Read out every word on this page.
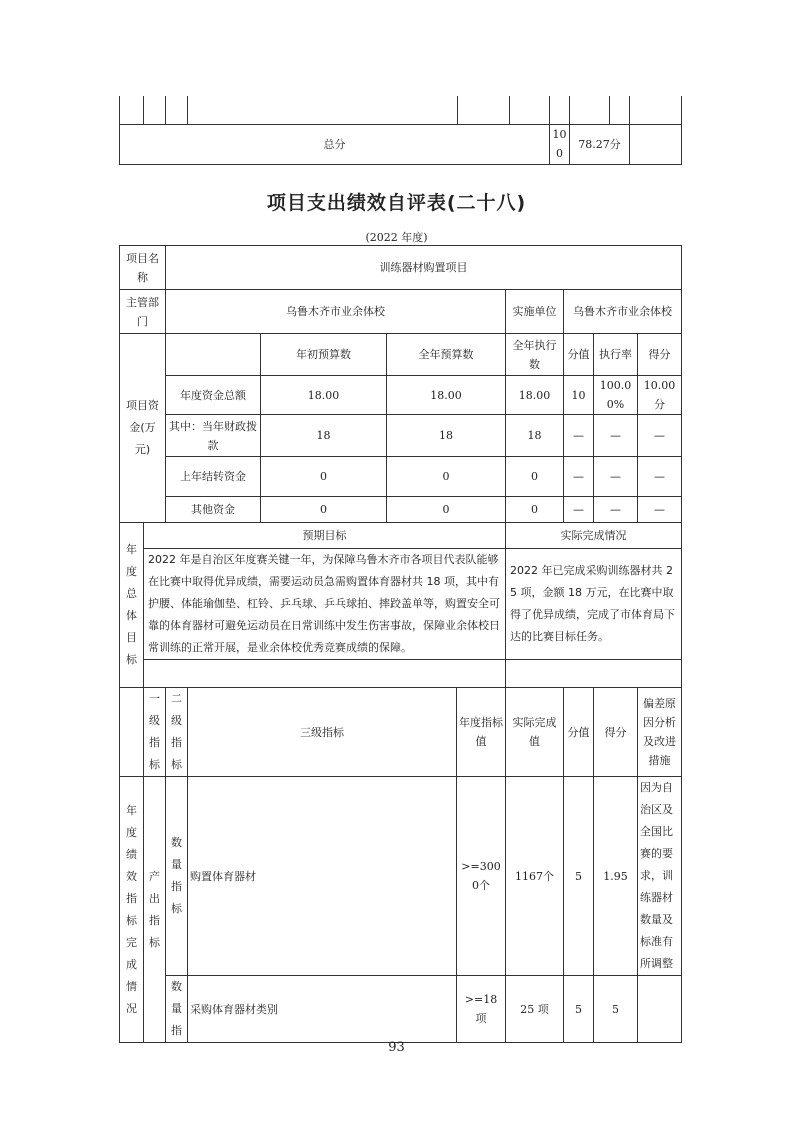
总分						100	78.27分		
项目支出绩效自评表(二十八)
(2022 年度)
项目名称		训练器材购置项目								
主管部门		乌鲁木齐市业余体校					实施单位	乌鲁木齐市业余体校		
项目资金(万元)				年初预算数	全年预算数		全年执行数	分值	执行率	得分
		年度资金总额		18.00	18.00		18.00	10	100.00%	10.00分
		其中：当年财政拨款		18	18		18	—	—	—
		上年结转资金		0	0		0	—	—	—
		其他资金		0	0		0	—	—	—
年度总体目标	预期目标						实际完成情况			
	2022 年是自治区年度赛关键一年，为保障乌鲁木齐市各项目代表队能够在比赛中取得优异成绩，需要运动员急需购置体育器材共 18 项，其中有护腰、体能瑜伽垫、杠铃、乒乓球、乒乓球拍、摔跤盖单等，购置安全可靠的体育器材可避免运动员在日常训练中发生伤害事故，保障业余体校日常训练的正常开展，是业余体校优秀竞赛成绩的保障。						2022 年已完成采购训练器材共 25 项，金额 18 万元，在比赛中取得了优异成绩，完成了市体育局下达的比赛目标任务。			

	一级指标	二级指标	三级指标			年度指标值	实际完成值	分值	得分	偏差原因分析及改进措施
年度绩效指标完成情况	产出指标	数量指标	购置体育器材			>=3000个	1167个	5	1.95	因为自治区及全国比赛的要求，训练器材数量及标准有所调整
		数量指	采购体育器材类别			>=18 项	25 项	5	5	
93
